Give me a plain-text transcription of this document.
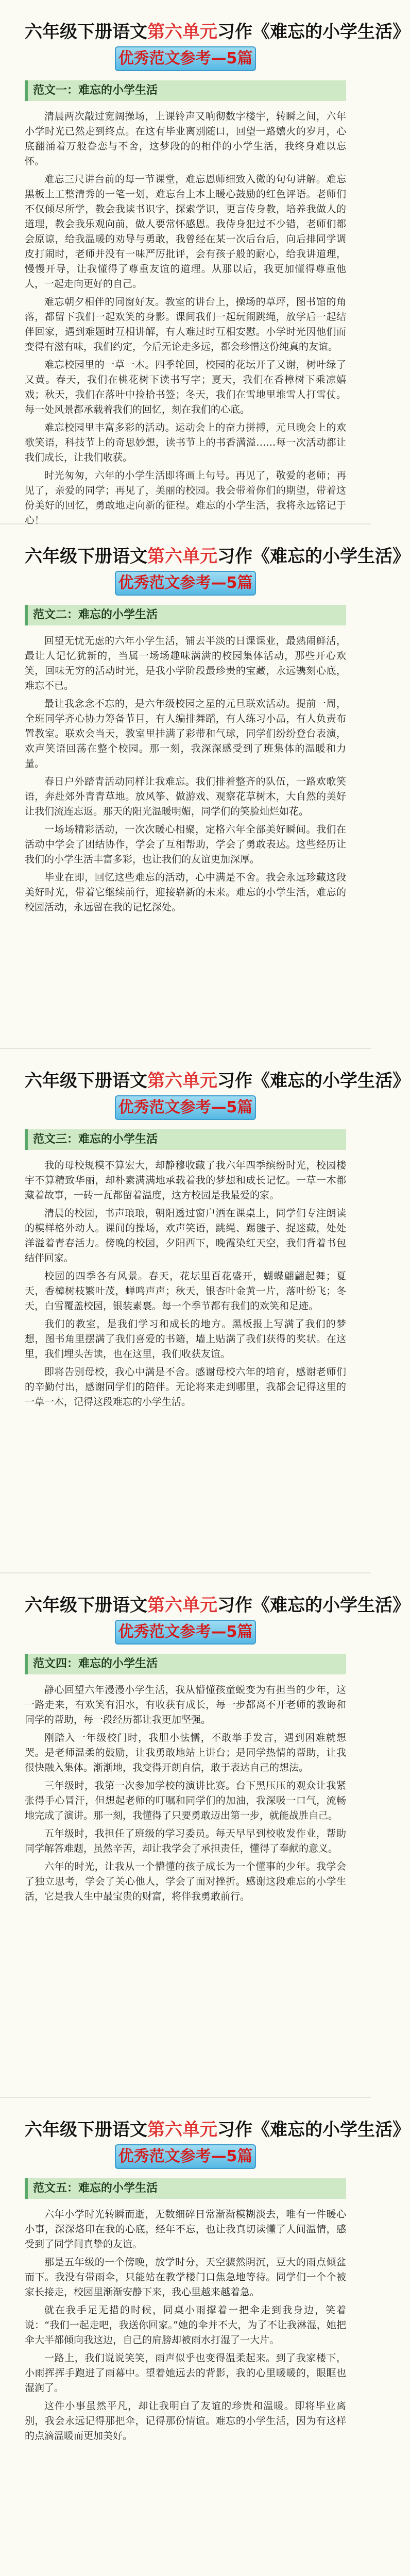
六年级下册语文第六单元习作《难忘的小学生活》
优秀范文参考—5篇
范文一：难忘的小学生活

清晨两次敲过宽阔操场，上课铃声又响彻数字楼宇，转瞬之间，六年小学时光已然走到终点。在这有毕业离别随口，回望一路嬉火的岁月，心底翻涌着万般眷恋与不舍，这梦段的的相伴的小学生活，我终身难以忘怀。

难忘三尺讲台前的每一节课堂，难忘恩师细致入微的句句讲解。难忘黑板上工整清秀的一笔一划，难忘台上本上暖心鼓励的红色评语。老师们不仅倾尽所学，教会我读书识字，探索学识，更言传身教，培养我做人的道理，教会我乐观向前，做人要常怀感恩。我侍身犯过不少错，老师们都会原谅，给我温暖的劝导与勇敢，我曾经在某一次后台后，向后排同学调皮打闹时，老师并没有一味严厉批评，会有孩子般的耐心，给我讲道理，慢慢开导，让我懂得了尊重友谊的道理。从那以后，我更加懂得尊重他人，一起走向更好的自己。

难忘朝夕相伴的同窗好友。教室的讲台上，操场的草坪，图书馆的角落，都留下我们一起欢笑的身影。课间我们一起玩闹跳绳，放学后一起结伴回家，遇到难题时互相讲解，有人难过时互相安慰。小学时光因他们而变得有滋有味，我们约定，今后无论走多远，都会珍惜这份纯真的友谊。

难忘校园里的一草一木。四季轮回，校园的花坛开了又谢，树叶绿了又黄。春天，我们在桃花树下读书写字；夏天，我们在香樟树下乘凉嬉戏；秋天，我们在落叶中捡拾书签；冬天，我们在雪地里堆雪人打雪仗。每一处风景都承载着我们的回忆，刻在我们的心底。

难忘校园里丰富多彩的活动。运动会上的奋力拼搏，元旦晚会上的欢歌笑语，科技节上的奇思妙想，读书节上的书香满溢……每一次活动都让我们成长，让我们收获。

时光匆匆，六年的小学生活即将画上句号。再见了，敬爱的老师；再见了，亲爱的同学；再见了，美丽的校园。我会带着你们的期望，带着这份美好的回忆，勇敢地走向新的征程。难忘的小学生活，我将永远铭记于心！

六年级下册语文第六单元习作《难忘的小学生活》
优秀范文参考—5篇
范文二：难忘的小学生活

回望无忧无虑的六年小学生活，铺去半淡的日课课业，最熟闹鲜活，最让人记忆犹新的，当属一场场趣味满满的校园集体活动，那些开心欢笑，回味无穷的活动时光，是我小学阶段最珍贵的宝藏，永远镌刻心底，难忘不已。

最让我念念不忘的，是六年级校园之星的元旦联欢活动。提前一周，全班同学齐心协力筹备节目，有人编排舞蹈，有人练习小品，有人负责布置教室。联欢会当天，教室里挂满了彩带和气球，同学们纷纷登台表演，欢声笑语回荡在整个校园。那一刻，我深深感受到了班集体的温暖和力量。

春日户外踏青活动同样让我难忘。我们排着整齐的队伍，一路欢歌笑语，奔赴郊外青青草地。放风筝、做游戏、观察花草树木，大自然的美好让我们流连忘返。那天的阳光温暖明媚，同学们的笑脸灿烂如花。

一场场精彩活动，一次次暖心相聚，定格六年全部美好瞬间。我们在活动中学会了团结协作，学会了互相帮助，学会了勇敢表达。这些经历让我们的小学生活丰富多彩，也让我们的友谊更加深厚。

毕业在即，回忆这些难忘的活动，心中满是不舍。我会永远珍藏这段美好时光，带着它继续前行，迎接崭新的未来。难忘的小学生活，难忘的校园活动，永远留在我的记忆深处。

六年级下册语文第六单元习作《难忘的小学生活》
优秀范文参考—5篇
范文三：难忘的小学生活

我的母校规模不算宏大，却静穆收藏了我六年四季缤纷时光，校园楼宇不算精致华丽，却朴素满满地承载着我的梦想和成长记忆。一草一木都藏着故事，一砖一瓦都留着温度，这方校园是我最爱的家。

清晨的校园，书声琅琅，朝阳透过窗户洒在课桌上，同学们专注朗读的模样格外动人。课间的操场，欢声笑语，跳绳、踢毽子、捉迷藏，处处洋溢着青春活力。傍晚的校园，夕阳西下，晚霞染红天空，我们背着书包结伴回家。

校园的四季各有风景。春天，花坛里百花盛开，蝴蝶翩翩起舞；夏天，香樟树枝繁叶茂，蝉鸣声声；秋天，银杏叶金黄一片，落叶纷飞；冬天，白雪覆盖校园，银装素裹。每一个季节都有我们的欢笑和足迹。

我们的教室，是我们学习和成长的地方。黑板报上写满了我们的梦想，图书角里摆满了我们喜爱的书籍，墙上贴满了我们获得的奖状。在这里，我们埋头苦读，也在这里，我们收获友谊。

即将告别母校，我心中满是不舍。感谢母校六年的培育，感谢老师们的辛勤付出，感谢同学们的陪伴。无论将来走到哪里，我都会记得这里的一草一木，记得这段难忘的小学生活。

六年级下册语文第六单元习作《难忘的小学生活》
优秀范文参考—5篇
范文四：难忘的小学生活

静心回望六年漫漫小学生活，我从懵懂孩童蜕变为有担当的少年，这一路走来，有欢笑有泪水，有收获有成长，每一步都离不开老师的教诲和同学的帮助，每一段经历都让我更加坚强。

刚踏入一年级校门时，我胆小怯懦，不敢举手发言，遇到困难就想哭。是老师温柔的鼓励，让我勇敢地站上讲台；是同学热情的帮助，让我很快融入集体。渐渐地，我变得开朗自信，敢于表达自己的想法。

三年级时，我第一次参加学校的演讲比赛。台下黑压压的观众让我紧张得手心冒汗，但想起老师的叮嘱和同学们的加油，我深吸一口气，流畅地完成了演讲。那一刻，我懂得了只要勇敢迈出第一步，就能战胜自己。

五年级时，我担任了班级的学习委员。每天早早到校收发作业，帮助同学解答难题，虽然辛苦，却让我学会了承担责任，懂得了奉献的意义。

六年的时光，让我从一个懵懂的孩子成长为一个懂事的少年。我学会了独立思考，学会了关心他人，学会了面对挫折。感谢这段难忘的小学生活，它是我人生中最宝贵的财富，将伴我勇敢前行。

六年级下册语文第六单元习作《难忘的小学生活》
优秀范文参考—5篇
范文五：难忘的小学生活

六年小学时光转瞬而逝，无数细碎日常渐渐模糊淡去，唯有一件暖心小事，深深烙印在我的心底，经年不忘，也让我真切读懂了人间温情，感受到了同学间真挚的友谊。

那是五年级的一个傍晚，放学时分，天空骤然阴沉，豆大的雨点倾盆而下。我没有带雨伞，只能站在教学楼门口焦急地等待。同学们一个个被家长接走，校园里渐渐安静下来，我心里越来越着急。

就在我手足无措的时候，同桌小雨撑着一把伞走到我身边，笑着说：“我们一起走吧，我送你回家。”她的伞并不大，为了不让我淋湿，她把伞大半都倾向我这边，自己的肩膀却被雨水打湿了一大片。

一路上，我们说说笑笑，雨声似乎也变得温柔起来。到了我家楼下，小雨挥挥手跑进了雨幕中。望着她远去的背影，我的心里暖暖的，眼眶也湿润了。

这件小事虽然平凡，却让我明白了友谊的珍贵和温暖。即将毕业离别，我会永远记得那把伞，记得那份情谊。难忘的小学生活，因为有这样的点滴温暖而更加美好。
